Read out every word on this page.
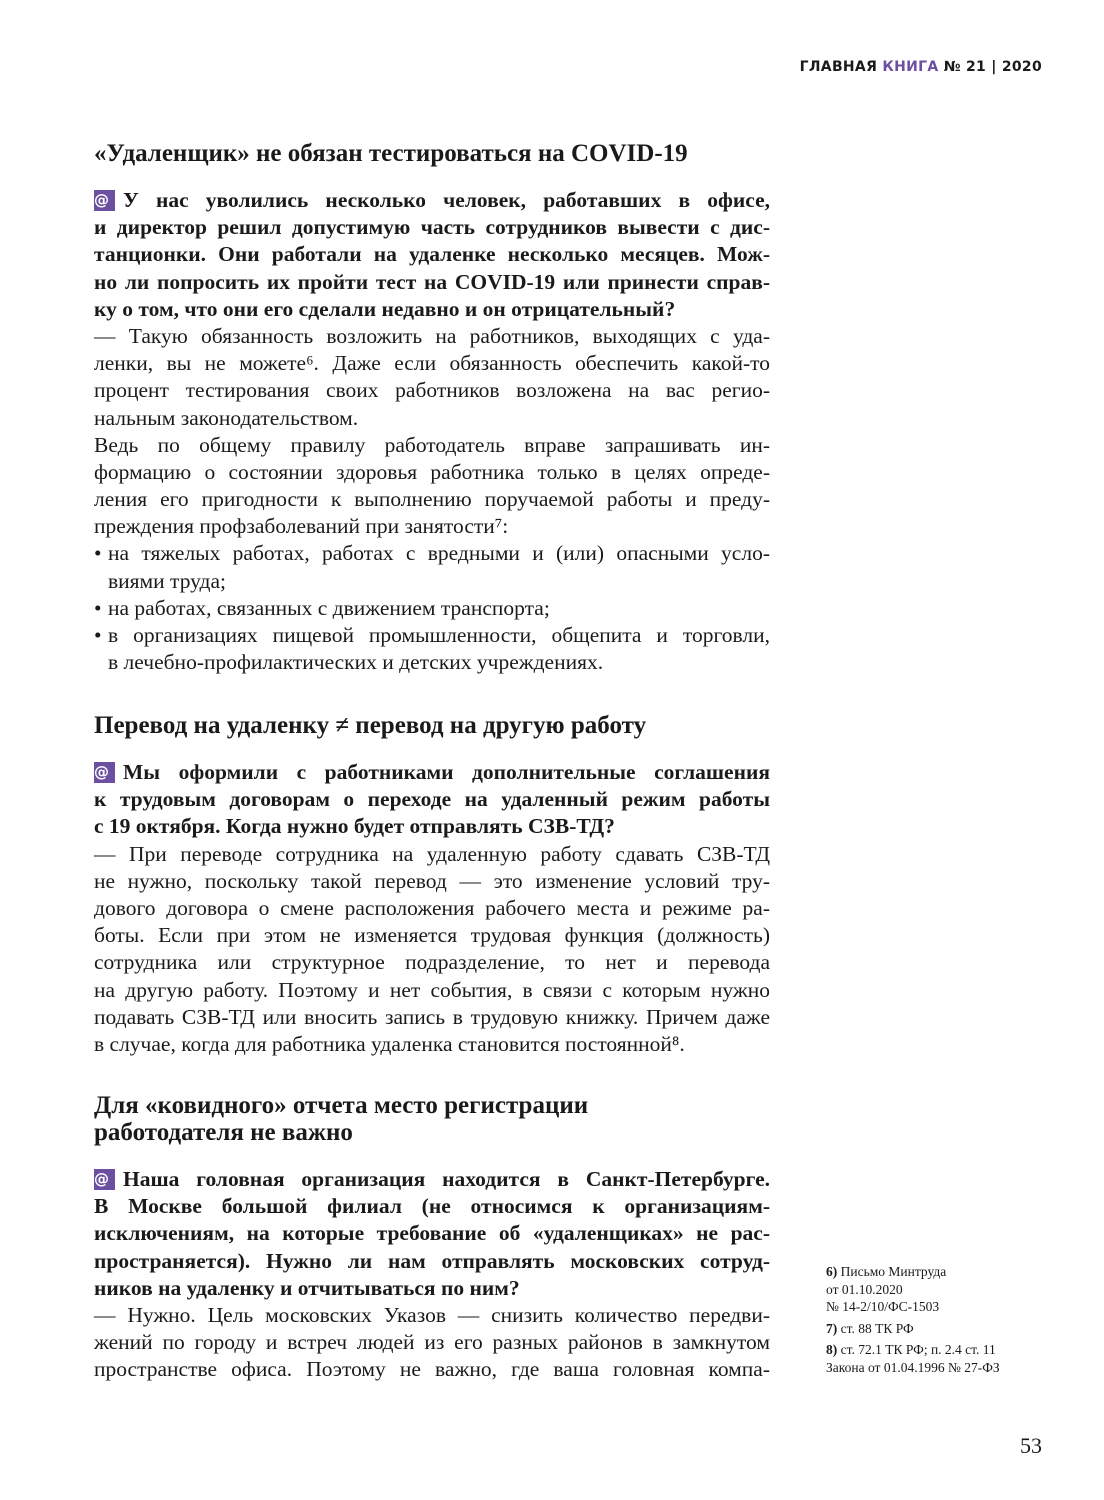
ГЛАВНАЯ КНИГА № 21 | 2020
«Удаленщик» не обязан тестироваться на COVID-19
@ У нас уволились несколько человек, работавших в офисе,
и директор решил допустимую часть сотрудников вывести с дис-
танционки. Они работали на удаленке несколько месяцев. Мож-
но ли попросить их пройти тест на COVID-19 или принести справ-
ку о том, что они его сделали недавно и он отрицательный?
— Такую обязанность возложить на работников, выходящих с уда-
ленки, вы не можете⁶. Даже если обязанность обеспечить какой-то
процент тестирования своих работников возложена на вас регио-
нальным законодательством.
Ведь по общему правилу работодатель вправе запрашивать ин-
формацию о состоянии здоровья работника только в целях опреде-
ления его пригодности к выполнению поручаемой работы и преду-
преждения профзаболеваний при занятости⁷:
• на тяжелых работах, работах с вредными и (или) опасными усло-
виями труда;
• на работах, связанных с движением транспорта;
• в организациях пищевой промышленности, общепита и торговли,
в лечебно-профилактических и детских учреждениях.
Перевод на удаленку ≠ перевод на другую работу
@ Мы оформили с работниками дополнительные соглашения
к трудовым договорам о переходе на удаленный режим работы
с 19 октября. Когда нужно будет отправлять СЗВ-ТД?
— При переводе сотрудника на удаленную работу сдавать СЗВ-ТД
не нужно, поскольку такой перевод — это изменение условий тру-
дового договора о смене расположения рабочего места и режиме ра-
боты. Если при этом не изменяется трудовая функция (должность)
сотрудника или структурное подразделение, то нет и перевода
на другую работу. Поэтому и нет события, в связи с которым нужно
подавать СЗВ-ТД или вносить запись в трудовую книжку. Причем даже
в случае, когда для работника удаленка становится постоянной⁸.
Для «ковидного» отчета место регистрации
работодателя не важно
@ Наша головная организация находится в Санкт-Петербурге.
В Москве большой филиал (не относимся к организациям-
исключениям, на которые требование об «удаленщиках» не рас-
пространяется). Нужно ли нам отправлять московских сотруд-
ников на удаленку и отчитываться по ним?
— Нужно. Цель московских Указов — снизить количество передви-
жений по городу и встреч людей из его разных районов в замкнутом
пространстве офиса. Поэтому не важно, где ваша головная компа-
6) Письмо Минтруда
от 01.10.2020
№ 14-2/10/ФС-1503
7) ст. 88 ТК РФ
8) ст. 72.1 ТК РФ; п. 2.4 ст. 11
Закона от 01.04.1996 № 27-ФЗ
53
